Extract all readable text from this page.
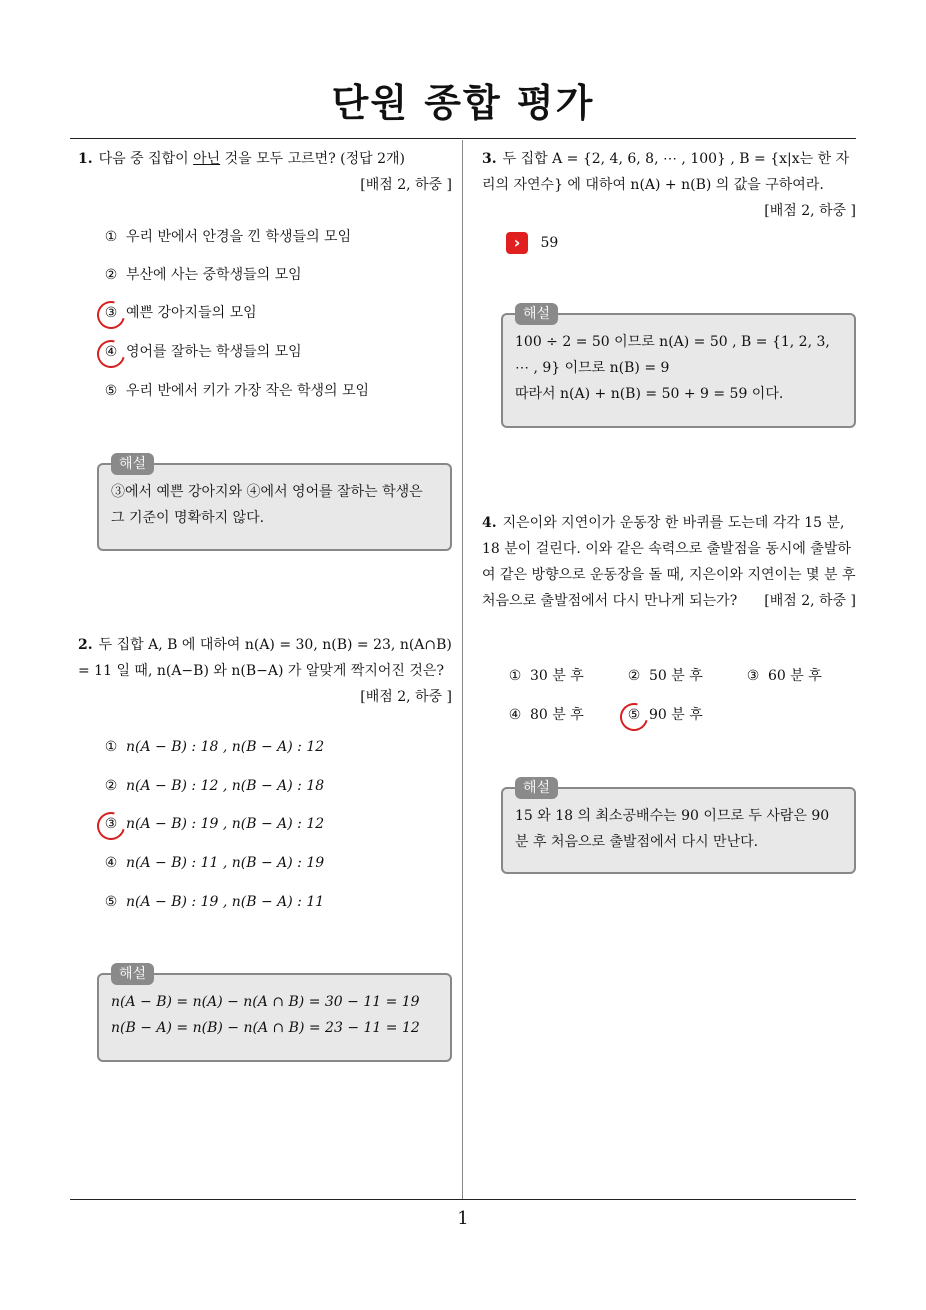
단원 종합 평가
1. 다음 중 집합이 아닌 것을 모두 고르면? (정답 2개)
[배점 2, 하중 ]
① 우리 반에서 안경을 낀 학생들의 모임
② 부산에 사는 중학생들의 모임
③ 예쁜 강아지들의 모임
④ 영어를 잘하는 학생들의 모임
⑤ 우리 반에서 키가 가장 작은 학생의 모임
해설
③에서 예쁜 강아지와 ④에서 영어를 잘하는 학생은 그 기준이 명확하지 않다.
2. 두 집합 A, B 에 대하여 n(A) = 30, n(B) = 23, n(A∩B) = 11 일 때, n(A−B) 와 n(B−A) 가 알맞게 짝지어진 것은?
[배점 2, 하중 ]
① n(A − B) : 18 , n(B − A) : 12
② n(A − B) : 12 , n(B − A) : 18
③ n(A − B) : 19 , n(B − A) : 12
④ n(A − B) : 11 , n(B − A) : 19
⑤ n(A − B) : 19 , n(B − A) : 11
해설
n(A − B) = n(A) − n(A ∩ B) = 30 − 11 = 19
n(B − A) = n(B) − n(A ∩ B) = 23 − 11 = 12
3. 두 집합 A = {2, 4, 6, 8, ⋯ , 100} , B = {x|x는 한 자리의 자연수} 에 대하여 n(A) + n(B) 의 값을 구하여라.
[배점 2, 하중 ]
› 59
해설
100 ÷ 2 = 50 이므로 n(A) = 50 , B = {1, 2, 3, ⋯ , 9} 이므로 n(B) = 9
따라서 n(A) + n(B) = 50 + 9 = 59 이다.
4. 지은이와 지연이가 운동장 한 바퀴를 도는데 각각 15 분, 18 분이 걸린다. 이와 같은 속력으로 출발점을 동시에 출발하여 같은 방향으로 운동장을 돌 때, 지은이와 지연이는 몇 분 후 처음으로 출발점에서 다시 만나게 되는가?	[배점 2, 하중 ]
① 30 분 후	② 50 분 후	③ 60 분 후
④ 80 분 후	⑤ 90 분 후
해설
15 와 18 의 최소공배수는 90 이므로 두 사람은 90 분 후 처음으로 출발점에서 다시 만난다.
1
